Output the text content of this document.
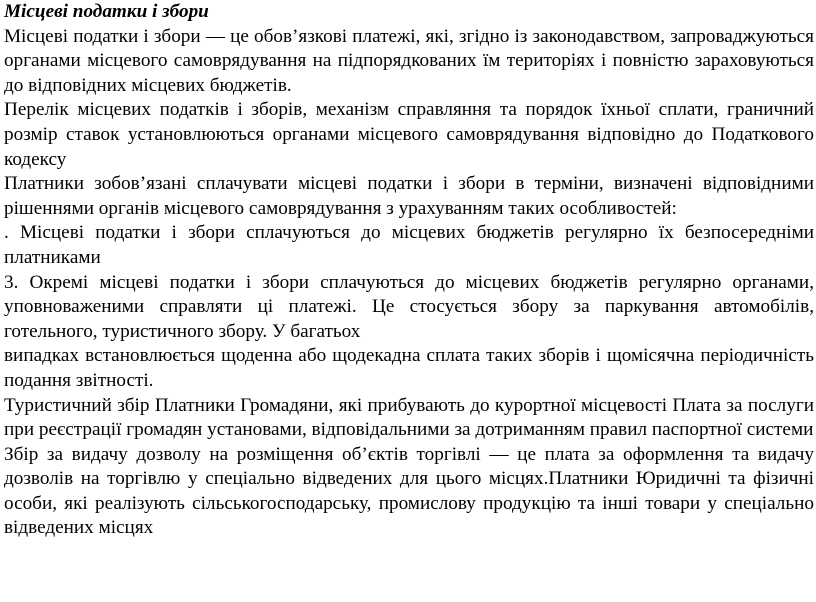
Місцеві податки і збори

Місцеві податки і збори — це обов’язкові платежі, які, згідно із законодавством, запроваджуються органами місцевого самоврядування на підпорядкованих їм територіях і повністю зараховуються до відповідних місцевих бюджетів.

Перелік місцевих податків і зборів, механізм справляння та порядок їхньої сплати, граничний розмір ставок установлюються органами місцевого самоврядування відповідно до Податкового кодексу

Платники зобов’язані сплачувати місцеві податки і збори в терміни, визначені відповідними рішеннями органів місцевого самоврядування з урахуванням таких особливостей:

. Місцеві податки і збори сплачуються до місцевих бюджетів регулярно їх безпосередніми платниками

3. Окремі місцеві податки і збори сплачуються до місцевих бюджетів регулярно органами, уповноваженими справляти ці платежі. Це стосується збору за паркування автомобілів, готельного, туристичного збору. У багатьох

випадках встановлюється щоденна або щодекадна сплата таких зборів і щомісячна періодичність подання звітності.

Туристичний збір Платники Громадяни, які прибувають до курортної місцевості Плата за послуги при реєстрації громадян установами, відповідальними за дотриманням правил паспортної системи

Збір за видачу дозволу на розміщення об’єктів торгівлі — це плата за оформлення та видачу дозволів на торгівлю у спеціально відведених для цього місцях.Платники Юридичні та фізичні особи, які реалізують сільськогосподарську, промислову продукцію та інші товари у спеціально відведених місцях
